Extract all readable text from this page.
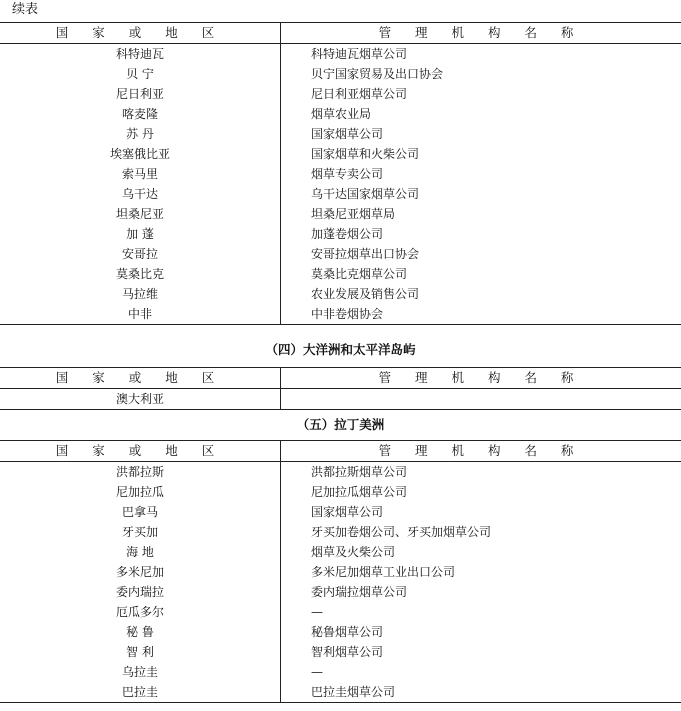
续表
国 家 或 地 区	管 理 机 构 名 称
科特迪瓦	科特迪瓦烟草公司
贝 宁	贝宁国家贸易及出口协会
尼日利亚	尼日利亚烟草公司
喀麦隆	烟草农业局
苏 丹	国家烟草公司
埃塞俄比亚	国家烟草和火柴公司
索马里	烟草专卖公司
乌干达	乌干达国家烟草公司
坦桑尼亚	坦桑尼亚烟草局
加 蓬	加蓬卷烟公司
安哥拉	安哥拉烟草出口协会
莫桑比克	莫桑比克烟草公司
马拉维	农业发展及销售公司
中非	中非卷烟协会
（四）大洋洲和太平洋岛屿
国 家 或 地 区	管 理 机 构 名 称
澳大利亚	
（五）拉丁美洲
国 家 或 地 区	管 理 机 构 名 称
洪都拉斯	洪都拉斯烟草公司
尼加拉瓜	尼加拉瓜烟草公司
巴拿马	国家烟草公司
牙买加	牙买加卷烟公司、牙买加烟草公司
海 地	烟草及火柴公司
多米尼加	多米尼加烟草工业出口公司
委内瑞拉	委内瑞拉烟草公司
厄瓜多尔	—
秘 鲁	秘鲁烟草公司
智 利	智利烟草公司
乌拉圭	—
巴拉圭	巴拉圭烟草公司
